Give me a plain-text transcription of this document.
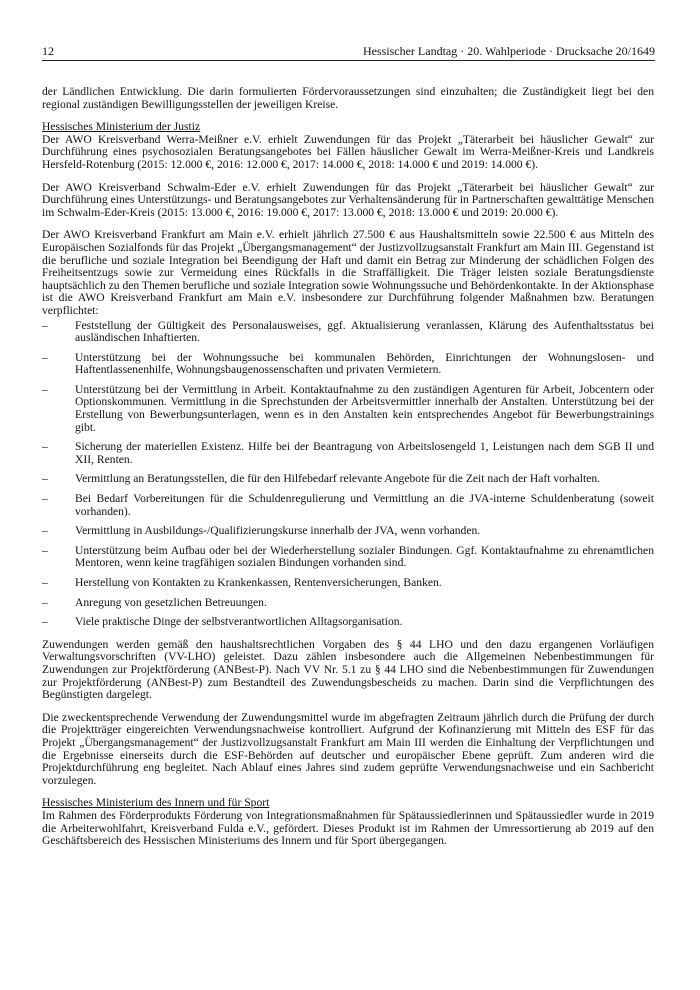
12	Hessischer Landtag · 20. Wahlperiode · Drucksache 20/1649

der Ländlichen Entwicklung. Die darin formulierten Fördervoraussetzungen sind einzuhalten; die Zuständigkeit liegt bei den regional zuständigen Bewilligungsstellen der jeweiligen Kreise.

Hessisches Ministerium der Justiz

Der AWO Kreisverband Werra-Meißner e.V. erhielt Zuwendungen für das Projekt „Täterarbeit bei häuslicher Gewalt“ zur Durchführung eines psychosozialen Beratungsangebotes bei Fällen häuslicher Gewalt im Werra-Meißner-Kreis und Landkreis Hersfeld-Rotenburg (2015: 12.000 €, 2016: 12.000 €, 2017: 14.000 €, 2018: 14.000 € und 2019: 14.000 €).

Der AWO Kreisverband Schwalm-Eder e.V. erhielt Zuwendungen für das Projekt „Täterarbeit bei häuslicher Gewalt“ zur Durchführung eines Unterstützungs- und Beratungsangebotes zur Verhaltensänderung für in Partnerschaften gewalttätige Menschen im Schwalm-Eder-Kreis (2015: 13.000 €, 2016: 19.000 €, 2017: 13.000 €, 2018: 13.000 € und 2019: 20.000 €).

Der AWO Kreisverband Frankfurt am Main e.V. erhielt jährlich 27.500 € aus Haushaltsmitteln sowie 22.500 € aus Mitteln des Europäischen Sozialfonds für das Projekt „Übergangsmanagement“ der Justizvollzugsanstalt Frankfurt am Main III. Gegenstand ist die berufliche und soziale Integration bei Beendigung der Haft und damit ein Betrag zur Minderung der schädlichen Folgen des Freiheitsentzugs sowie zur Vermeidung eines Rückfalls in die Straffälligkeit. Die Träger leisten soziale Beratungsdienste hauptsächlich zu den Themen berufliche und soziale Integration sowie Wohnungssuche und Behördenkontakte. In der Aktionsphase ist die AWO Kreisverband Frankfurt am Main e.V. insbesondere zur Durchführung folgender Maßnahmen bzw. Beratungen verpflichtet:

– Feststellung der Gültigkeit des Personalausweises, ggf. Aktualisierung veranlassen, Klärung des Aufenthaltsstatus bei ausländischen Inhaftierten.
– Unterstützung bei der Wohnungssuche bei kommunalen Behörden, Einrichtungen der Wohnungslosen- und Haftentlassenenhilfe, Wohnungsbaugenossenschaften und privaten Vermietern.
– Unterstützung bei der Vermittlung in Arbeit. Kontaktaufnahme zu den zuständigen Agenturen für Arbeit, Jobcentern oder Optionskommunen. Vermittlung in die Sprechstunden der Arbeitsvermittler innerhalb der Anstalten. Unterstützung bei der Erstellung von Bewerbungsunterlagen, wenn es in den Anstalten kein entsprechendes Angebot für Bewerbungstrainings gibt.
– Sicherung der materiellen Existenz. Hilfe bei der Beantragung von Arbeitslosengeld 1, Leistungen nach dem SGB II und XII, Renten.
– Vermittlung an Beratungsstellen, die für den Hilfebedarf relevante Angebote für die Zeit nach der Haft vorhalten.
– Bei Bedarf Vorbereitungen für die Schuldenregulierung und Vermittlung an die JVA-interne Schuldenberatung (soweit vorhanden).
– Vermittlung in Ausbildungs-/Qualifizierungskurse innerhalb der JVA, wenn vorhanden.
– Unterstützung beim Aufbau oder bei der Wiederherstellung sozialer Bindungen. Ggf. Kontaktaufnahme zu ehrenamtlichen Mentoren, wenn keine tragfähigen sozialen Bindungen vorhanden sind.
– Herstellung von Kontakten zu Krankenkassen, Rentenversicherungen, Banken.
– Anregung von gesetzlichen Betreuungen.
– Viele praktische Dinge der selbstverantwortlichen Alltagsorganisation.

Zuwendungen werden gemäß den haushaltsrechtlichen Vorgaben des § 44 LHO und den dazu ergangenen Vorläufigen Verwaltungsvorschriften (VV-LHO) geleistet. Dazu zählen insbesondere auch die Allgemeinen Nebenbestimmungen für Zuwendungen zur Projektförderung (ANBest-P). Nach VV Nr. 5.1 zu § 44 LHO sind die Nebenbestimmungen für Zuwendungen zur Projektförderung (ANBest-P) zum Bestandteil des Zuwendungsbescheids zu machen. Darin sind die Verpflichtungen des Begünstigten dargelegt.

Die zweckentsprechende Verwendung der Zuwendungsmittel wurde im abgefragten Zeitraum jährlich durch die Prüfung der durch die Projektträger eingereichten Verwendungsnachweise kontrolliert. Aufgrund der Kofinanzierung mit Mitteln des ESF für das Projekt „Übergangsmanagement“ der Justizvollzugsanstalt Frankfurt am Main III werden die Einhaltung der Verpflichtungen und die Ergebnisse einerseits durch die ESF-Behörden auf deutscher und europäischer Ebene geprüft. Zum anderen wird die Projektdurchführung eng begleitet. Nach Ablauf eines Jahres sind zudem geprüfte Verwendungsnachweise und ein Sachbericht vorzulegen.

Hessisches Ministerium des Innern und für Sport

Im Rahmen des Förderprodukts Förderung von Integrationsmaßnahmen für Spätaussiedlerinnen und Spätaussiedler wurde in 2019 die Arbeiterwohlfahrt, Kreisverband Fulda e.V., gefördert. Dieses Produkt ist im Rahmen der Umressortierung ab 2019 auf den Geschäftsbereich des Hessischen Ministeriums des Innern und für Sport übergegangen.
